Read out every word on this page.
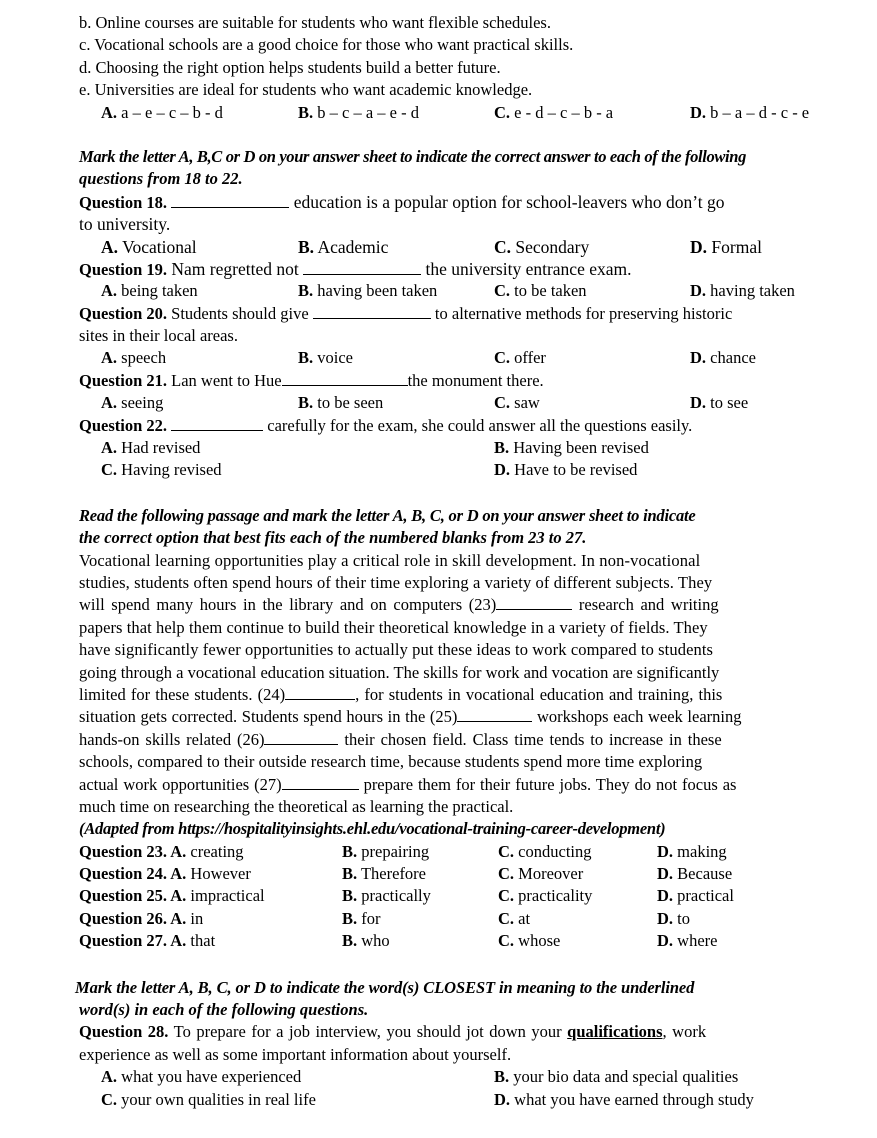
b. Online courses are suitable for students who want flexible schedules.
c. Vocational schools are a good choice for those who want practical skills.
d. Choosing the right option helps students build a better future.
e. Universities are ideal for students who want academic knowledge.
A. a – e – c – b - d	B. b – c – a – e - d	C. e - d – c – b - a	D. b – a – d - c - e
Mark the letter A, B,C or D on your answer sheet to indicate the correct answer to each of the following
questions from 18 to 22.
Question 18.	education is a popular option for school-leavers who don’t go
to university.
A. Vocational	B. Academic	C. Secondary	D. Formal
Question 19. Nam regretted not	the university entrance exam.
A. being taken	B. having been taken	C. to be taken	D. having taken
Question 20. Students should give	to alternative methods for preserving historic
sites in their local areas.
A. speech	B. voice	C. offer	D. chance
Question 21. Lan went to Hue	the monument there.
A. seeing	B. to be seen	C. saw	D. to see
Question 22.	carefully for the exam, she could answer all the questions easily.
A. Had revised	B. Having been revised
C. Having revised	D. Have to be revised
Read the following passage and mark the letter A, B, C, or D on your answer sheet to indicate
the correct option that best fits each of the numbered blanks from 23 to 27.
Vocational learning opportunities play a critical role in skill development. In non-vocational
studies, students often spend hours of their time exploring a variety of different subjects. They
will spend many hours in the library and on computers (23)	research and writing
papers that help them continue to build their theoretical knowledge in a variety of fields. They
have significantly fewer opportunities to actually put these ideas to work compared to students
going through a vocational education situation. The skills for work and vocation are significantly
limited for these students. (24)	, for students in vocational education and training, this
situation gets corrected. Students spend hours in the (25)	workshops each week learning
hands-on skills related (26)	their chosen field. Class time tends to increase in these
schools, compared to their outside research time, because students spend more time exploring
actual work opportunities (27)	prepare them for their future jobs. They do not focus as
much time on researching the theoretical as learning the practical.
(Adapted from https://hospitalityinsights.ehl.edu/vocational-training-career-development)
Question 23. A. creating	B. prepairing	C. conducting	D. making
Question 24. A. However	B. Therefore	C. Moreover	D. Because
Question 25. A. impractical	B. practically	C. practicality	D. practical
Question 26. A. in	B. for	C. at	D. to
Question 27. A. that	B. who	C. whose	D. where
Mark the letter A, B, C, or D to indicate the word(s) CLOSEST in meaning to the underlined
word(s) in each of the following questions.
Question 28. To prepare for a job interview, you should jot down your qualifications, work
experience as well as some important information about yourself.
A. what you have experienced	B. your bio data and special qualities
C. your own qualities in real life	D. what you have earned through study
